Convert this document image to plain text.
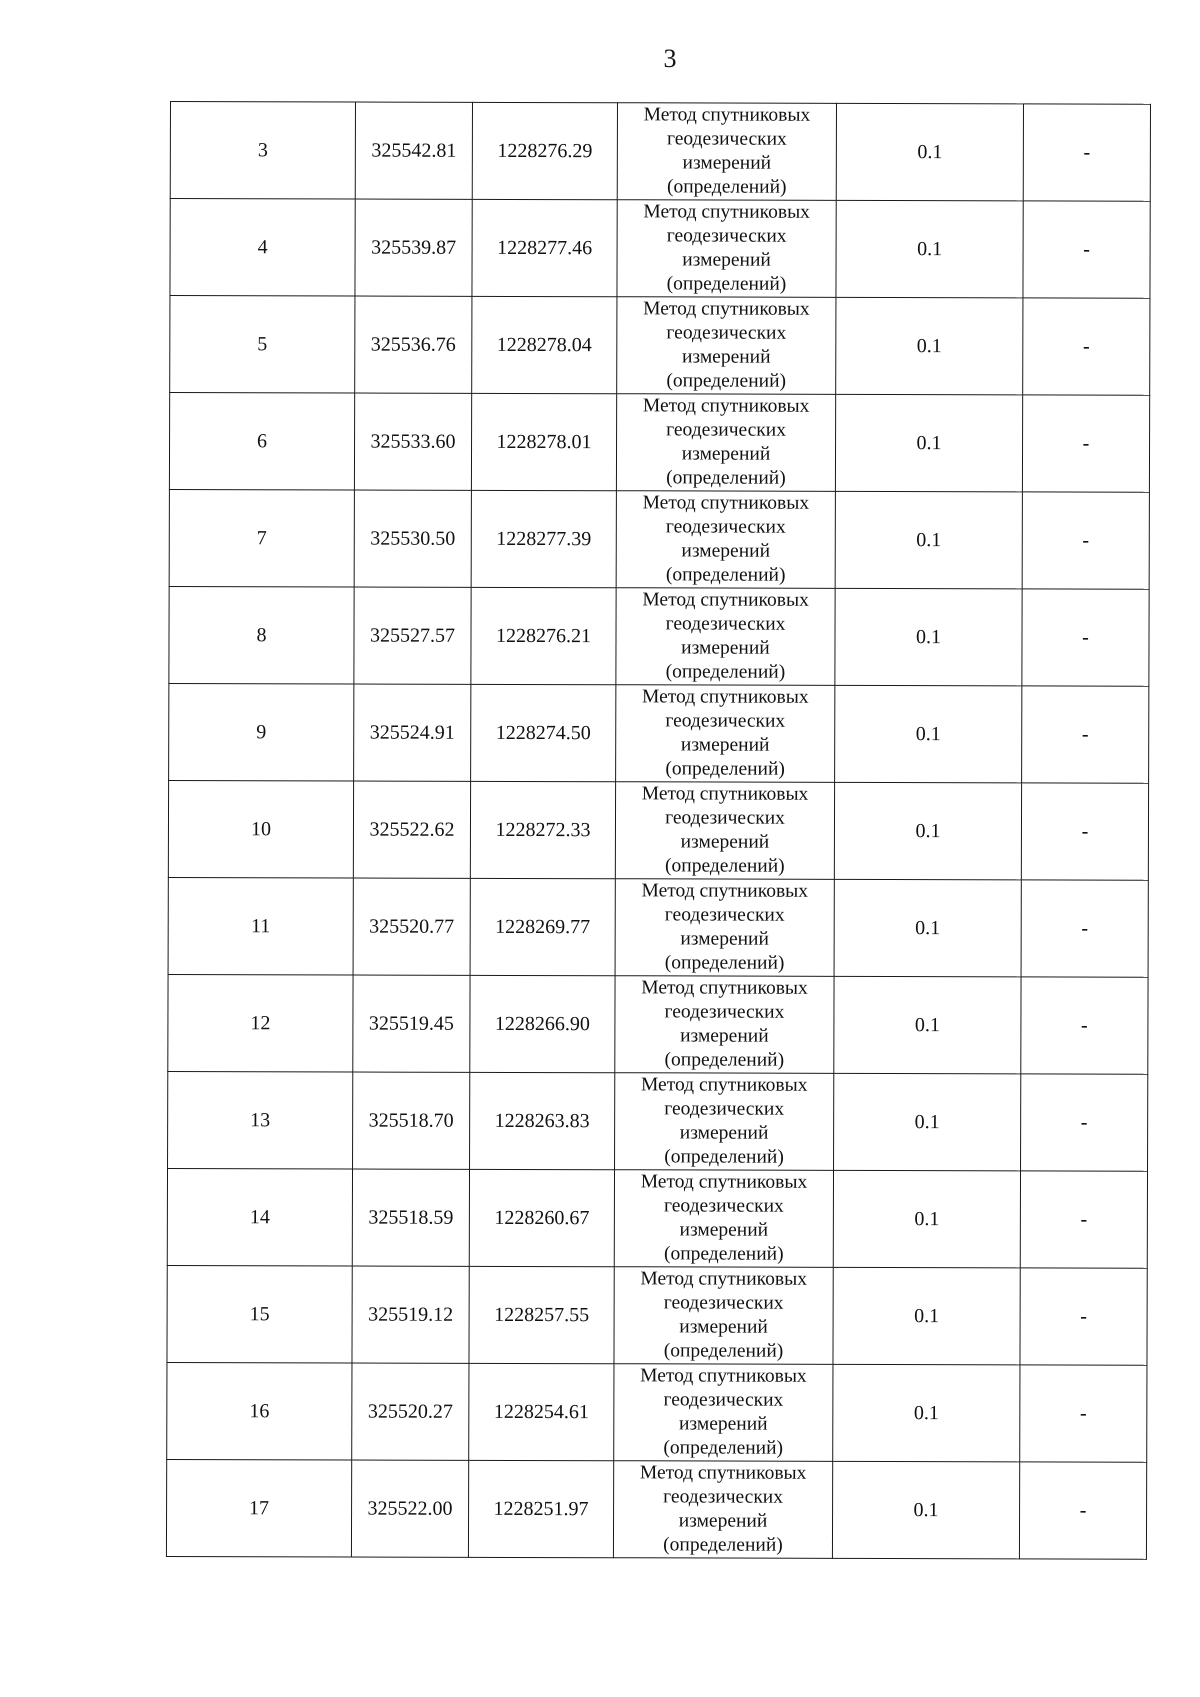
3
3	325542.81	1228276.29	Метод спутниковых
геодезических
измерений
(определений)	0.1	-
4	325539.87	1228277.46	Метод спутниковых
геодезических
измерений
(определений)	0.1	-
5	325536.76	1228278.04	Метод спутниковых
геодезических
измерений
(определений)	0.1	-
6	325533.60	1228278.01	Метод спутниковых
геодезических
измерений
(определений)	0.1	-
7	325530.50	1228277.39	Метод спутниковых
геодезических
измерений
(определений)	0.1	-
8	325527.57	1228276.21	Метод спутниковых
геодезических
измерений
(определений)	0.1	-
9	325524.91	1228274.50	Метод спутниковых
геодезических
измерений
(определений)	0.1	-
10	325522.62	1228272.33	Метод спутниковых
геодезических
измерений
(определений)	0.1	-
11	325520.77	1228269.77	Метод спутниковых
геодезических
измерений
(определений)	0.1	-
12	325519.45	1228266.90	Метод спутниковых
геодезических
измерений
(определений)	0.1	-
13	325518.70	1228263.83	Метод спутниковых
геодезических
измерений
(определений)	0.1	-
14	325518.59	1228260.67	Метод спутниковых
геодезических
измерений
(определений)	0.1	-
15	325519.12	1228257.55	Метод спутниковых
геодезических
измерений
(определений)	0.1	-
16	325520.27	1228254.61	Метод спутниковых
геодезических
измерений
(определений)	0.1	-
17	325522.00	1228251.97	Метод спутниковых
геодезических
измерений
(определений)	0.1	-
